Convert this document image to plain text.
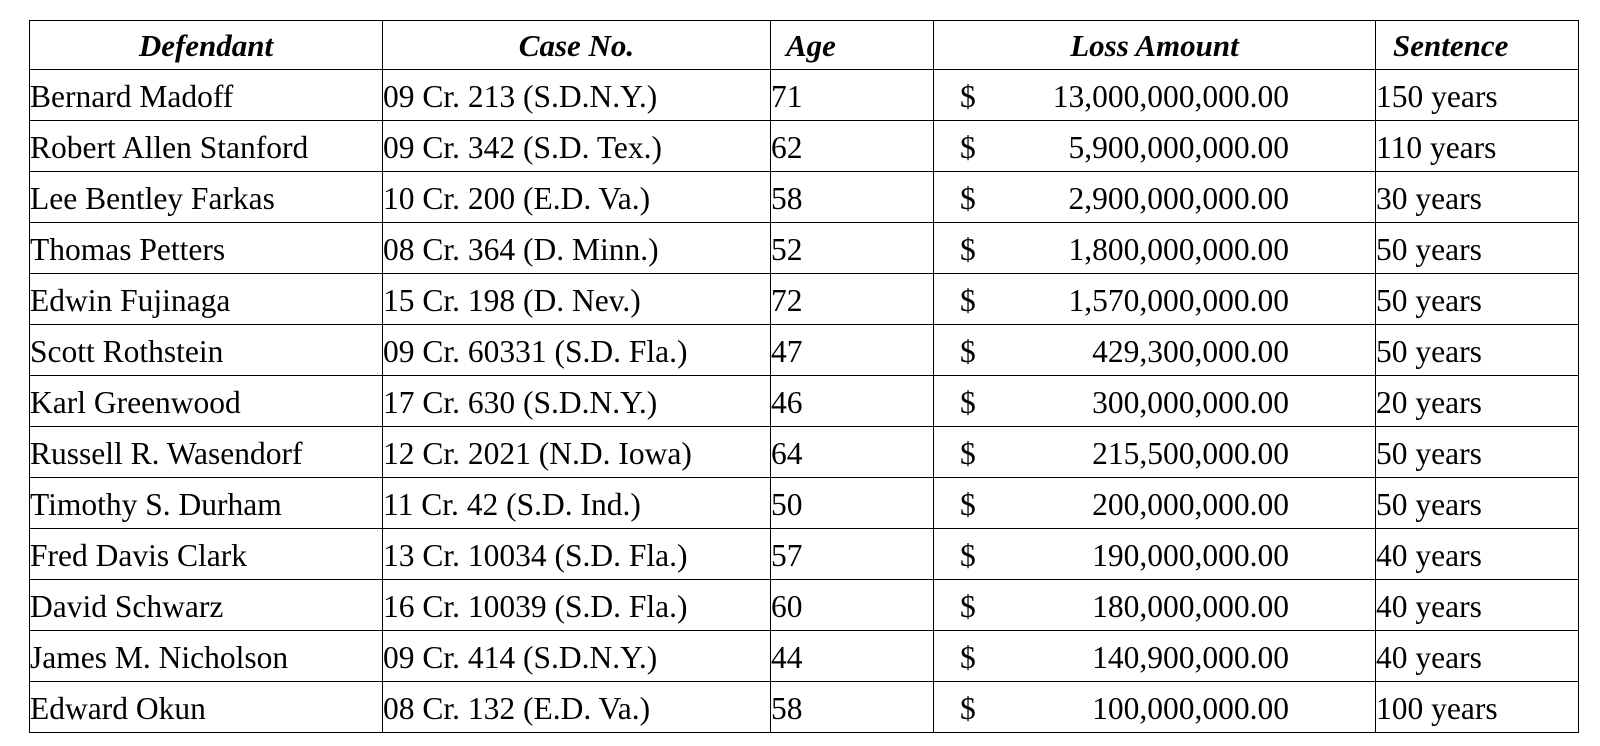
Defendant	Case No.	Age	Loss Amount	Sentence
Bernard Madoff	09 Cr. 213 (S.D.N.Y.)	71	$ 13,000,000,000.00	150 years
Robert Allen Stanford	09 Cr. 342 (S.D. Tex.)	62	$ 5,900,000,000.00	110 years
Lee Bentley Farkas	10 Cr. 200 (E.D. Va.)	58	$ 2,900,000,000.00	30 years
Thomas Petters	08 Cr. 364 (D. Minn.)	52	$ 1,800,000,000.00	50 years
Edwin Fujinaga	15 Cr. 198 (D. Nev.)	72	$ 1,570,000,000.00	50 years
Scott Rothstein	09 Cr. 60331 (S.D. Fla.)	47	$ 429,300,000.00	50 years
Karl Greenwood	17 Cr. 630 (S.D.N.Y.)	46	$ 300,000,000.00	20 years
Russell R. Wasendorf	12 Cr. 2021 (N.D. Iowa)	64	$ 215,500,000.00	50 years
Timothy S. Durham	11 Cr. 42 (S.D. Ind.)	50	$ 200,000,000.00	50 years
Fred Davis Clark	13 Cr. 10034 (S.D. Fla.)	57	$ 190,000,000.00	40 years
David Schwarz	16 Cr. 10039 (S.D. Fla.)	60	$ 180,000,000.00	40 years
James M. Nicholson	09 Cr. 414 (S.D.N.Y.)	44	$ 140,900,000.00	40 years
Edward Okun	08 Cr. 132 (E.D. Va.)	58	$ 100,000,000.00	100 years
